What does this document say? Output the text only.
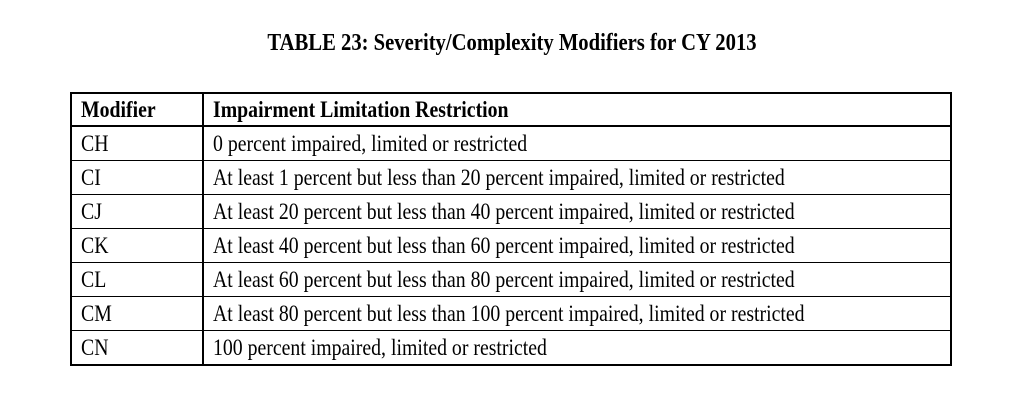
TABLE 23: Severity/Complexity Modifiers for CY 2013
Modifier	Impairment Limitation Restriction
CH	0 percent impaired, limited or restricted
CI	At least 1 percent but less than 20 percent impaired, limited or restricted
CJ	At least 20 percent but less than 40 percent impaired, limited or restricted
CK	At least 40 percent but less than 60 percent impaired, limited or restricted
CL	At least 60 percent but less than 80 percent impaired, limited or restricted
CM	At least 80 percent but less than 100 percent impaired, limited or restricted
CN	100 percent impaired, limited or restricted
